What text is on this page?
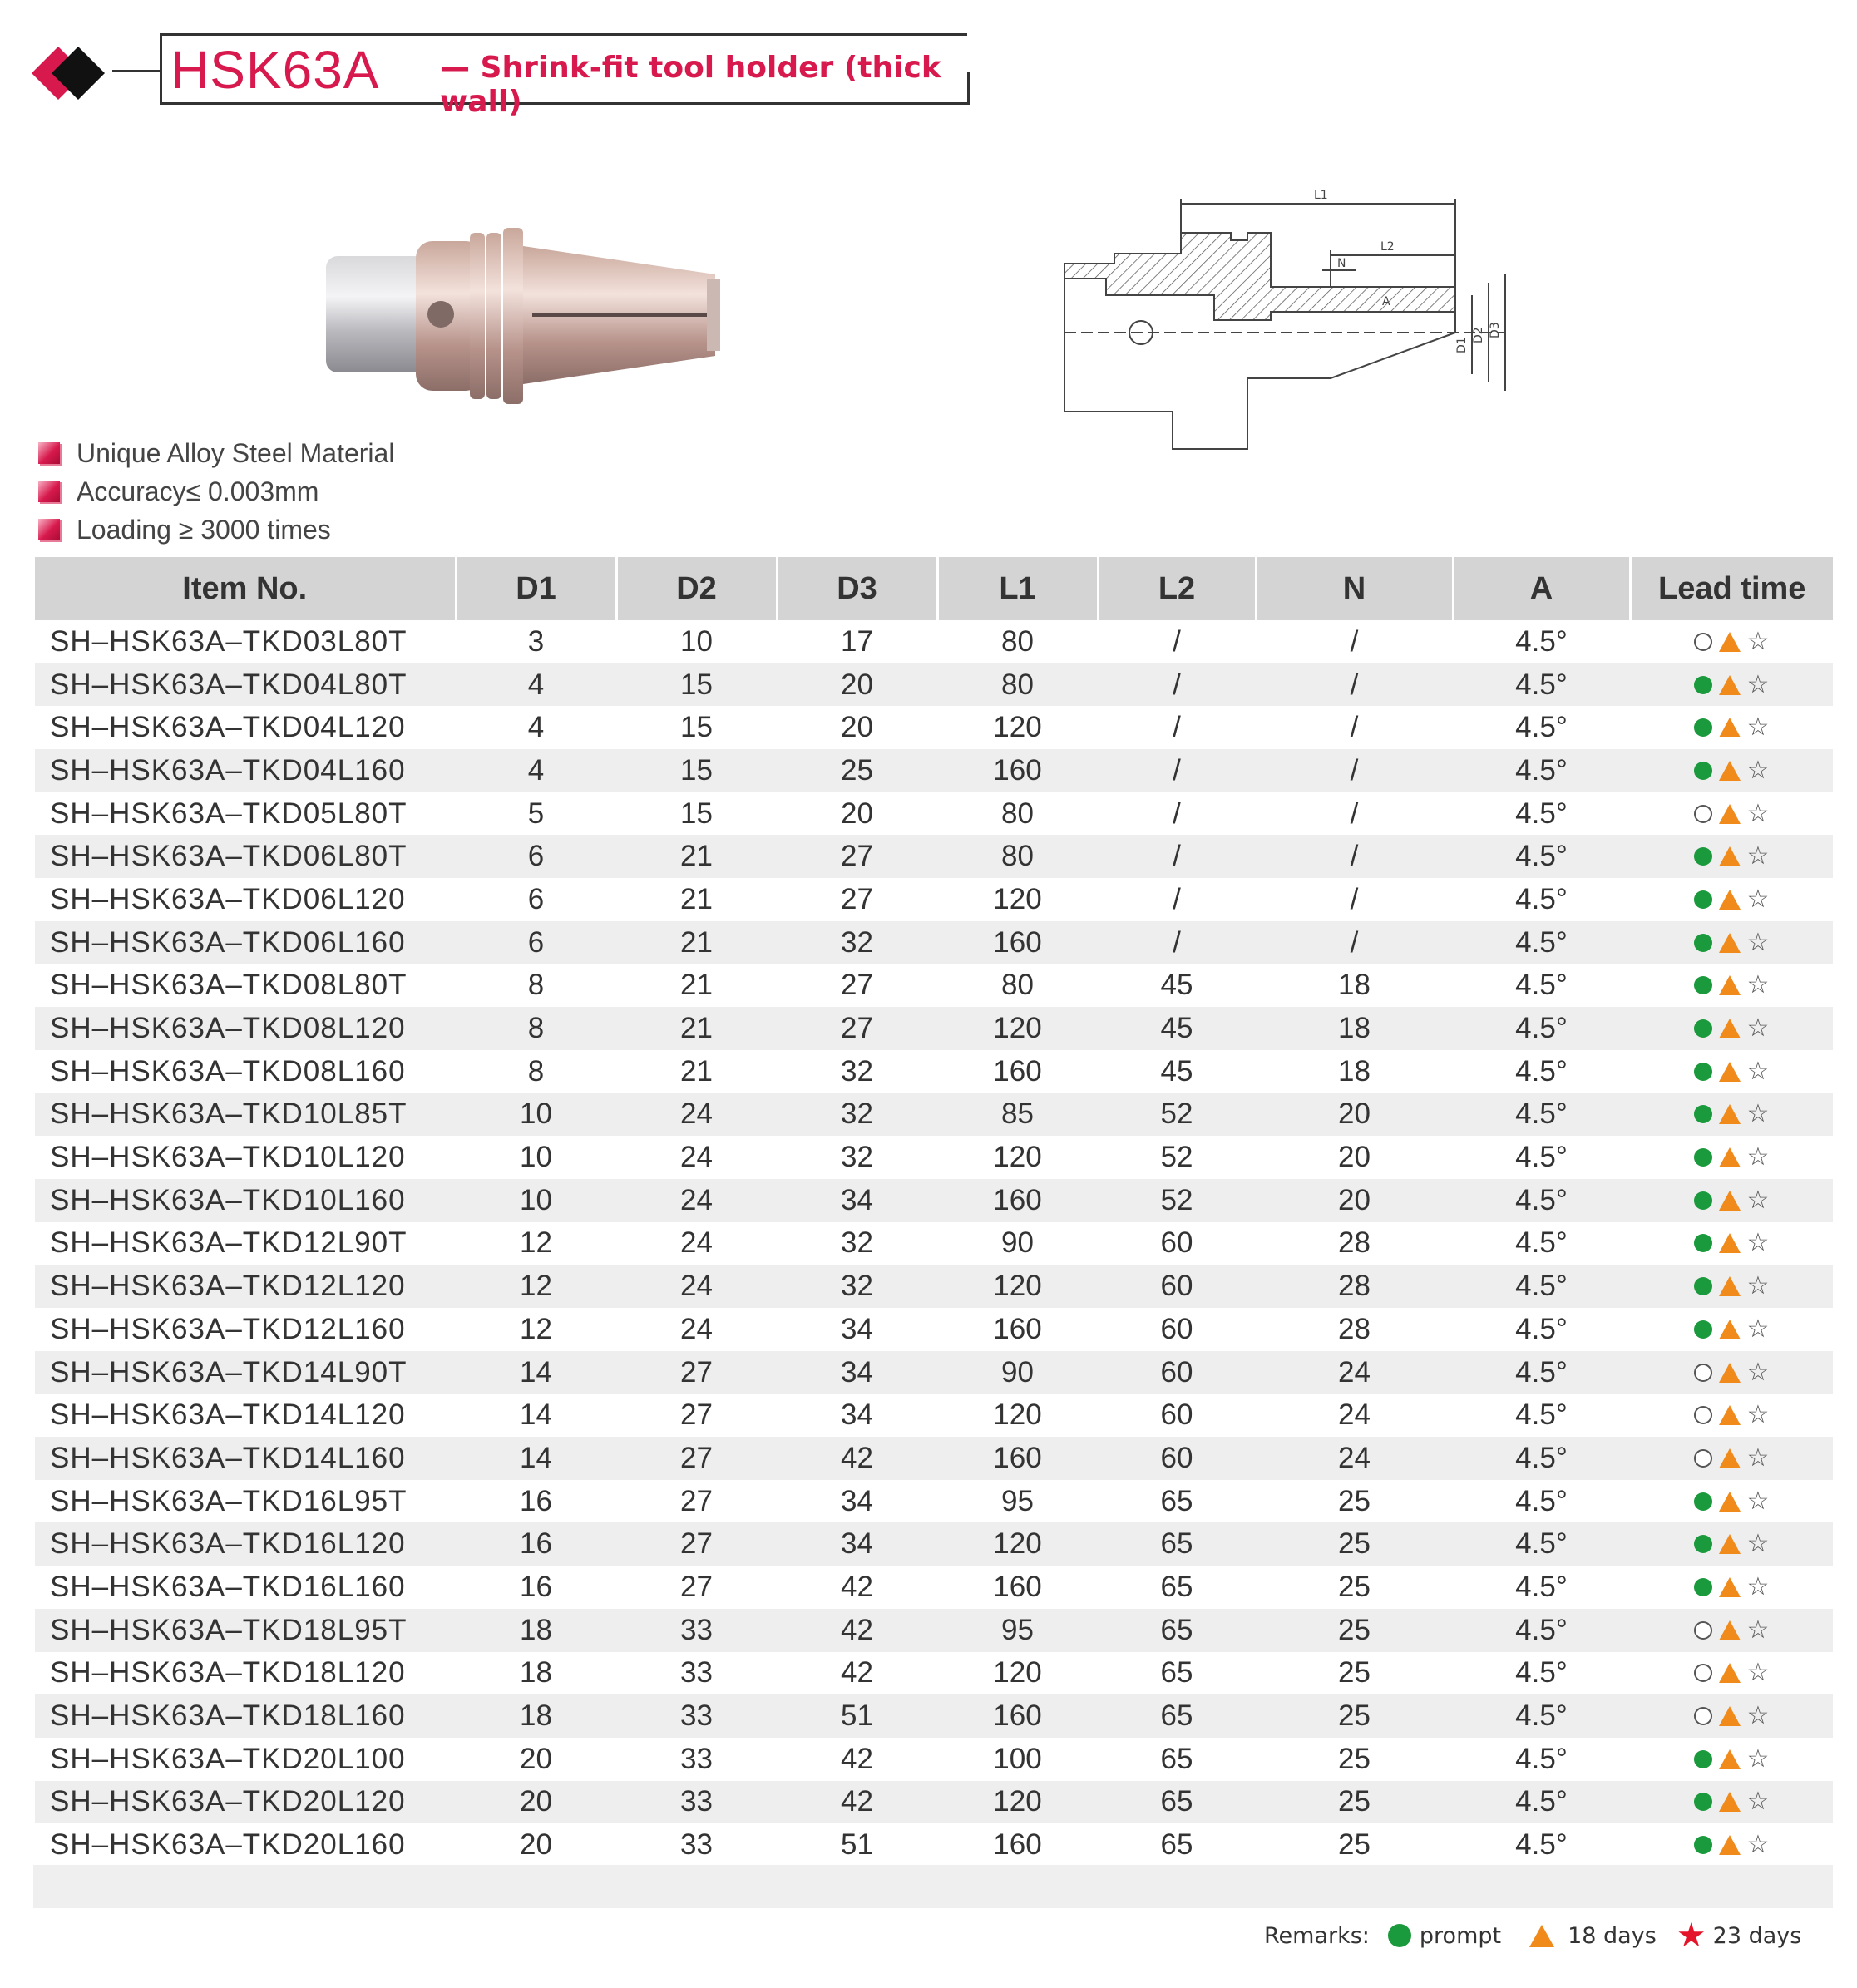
HSK63A — Shrink-fit tool holder (thick wall)
L1
L2
N
A
D1
D2 D3
Unique Alloy Steel Material
Accuracy≤ 0.003mm
Loading ≥ 3000 times
Item No.	D1	D2	D3	L1	L2	N	A	Lead time
SH–HSK63A–TKD03L80T	3	10	17	80	/	/	4.5°	☆

SH–HSK63A–TKD04L80T	4	15	20	80	/	/	4.5°	☆

SH–HSK63A–TKD04L120	4	15	20	120	/	/	4.5°	☆

SH–HSK63A–TKD04L160	4	15	25	160	/	/	4.5°	☆

SH–HSK63A–TKD05L80T	5	15	20	80	/	/	4.5°	☆

SH–HSK63A–TKD06L80T	6	21	27	80	/	/	4.5°	☆

SH–HSK63A–TKD06L120	6	21	27	120	/	/	4.5°	☆

SH–HSK63A–TKD06L160	6	21	32	160	/	/	4.5°	☆

SH–HSK63A–TKD08L80T	8	21	27	80	45	18	4.5°	☆

SH–HSK63A–TKD08L120	8	21	27	120	45	18	4.5°	☆

SH–HSK63A–TKD08L160	8	21	32	160	45	18	4.5°	☆

SH–HSK63A–TKD10L85T	10	24	32	85	52	20	4.5°	☆

SH–HSK63A–TKD10L120	10	24	32	120	52	20	4.5°	☆

SH–HSK63A–TKD10L160	10	24	34	160	52	20	4.5°	☆

SH–HSK63A–TKD12L90T	12	24	32	90	60	28	4.5°	☆

SH–HSK63A–TKD12L120	12	24	32	120	60	28	4.5°	☆

SH–HSK63A–TKD12L160	12	24	34	160	60	28	4.5°	☆

SH–HSK63A–TKD14L90T	14	27	34	90	60	24	4.5°	☆

SH–HSK63A–TKD14L120	14	27	34	120	60	24	4.5°	☆

SH–HSK63A–TKD14L160	14	27	42	160	60	24	4.5°	☆

SH–HSK63A–TKD16L95T	16	27	34	95	65	25	4.5°	☆

SH–HSK63A–TKD16L120	16	27	34	120	65	25	4.5°	☆

SH–HSK63A–TKD16L160	16	27	42	160	65	25	4.5°	☆

SH–HSK63A–TKD18L95T	18	33	42	95	65	25	4.5°	☆

SH–HSK63A–TKD18L120	18	33	42	120	65	25	4.5°	☆

SH–HSK63A–TKD18L160	18	33	51	160	65	25	4.5°	☆

SH–HSK63A–TKD20L100	20	33	42	100	65	25	4.5°	☆

SH–HSK63A–TKD20L120	20	33	42	120	65	25	4.5°	☆

SH–HSK63A–TKD20L160	20	33	51	160	65	25	4.5°	☆
Remarks: prompt	18 days ★ 23 days
